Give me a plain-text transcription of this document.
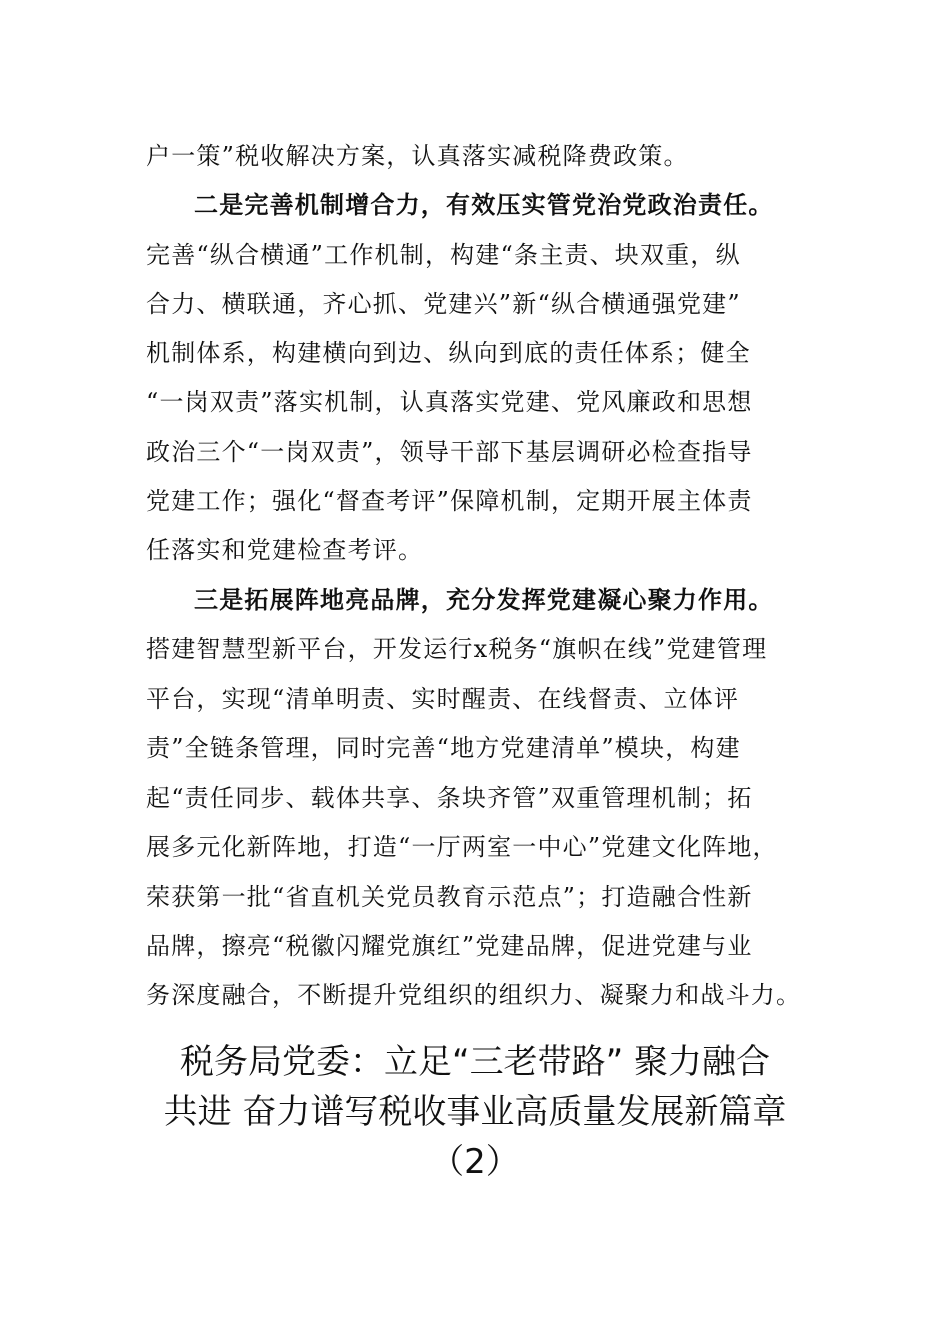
户一策”税收解决方案，认真落实减税降费政策。
二是完善机制增合力，有效压实管党治党政治责任。
完善“纵合横通”工作机制，构建“条主责、块双重，纵
合力、横联通，齐心抓、党建兴”新“纵合横通强党建”
机制体系，构建横向到边、纵向到底的责任体系；健全
“一岗双责”落实机制，认真落实党建、党风廉政和思想
政治三个“一岗双责”，领导干部下基层调研必检查指导
党建工作；强化“督查考评”保障机制，定期开展主体责
任落实和党建检查考评。
三是拓展阵地亮品牌，充分发挥党建凝心聚力作用。
搭建智慧型新平台，开发运行x税务“旗帜在线”党建管理
平台，实现“清单明责、实时醒责、在线督责、立体评
责”全链条管理，同时完善“地方党建清单”模块，构建
起“责任同步、载体共享、条块齐管”双重管理机制；拓
展多元化新阵地，打造“一厅两室一中心”党建文化阵地，
荣获第一批“省直机关党员教育示范点”；打造融合性新
品牌，擦亮“税徽闪耀党旗红”党建品牌，促进党建与业
务深度融合，不断提升党组织的组织力、凝聚力和战斗力。
税务局党委：立足“三老带路” 聚力融合
共进 奋力谱写税收事业高质量发展新篇章
（2）
